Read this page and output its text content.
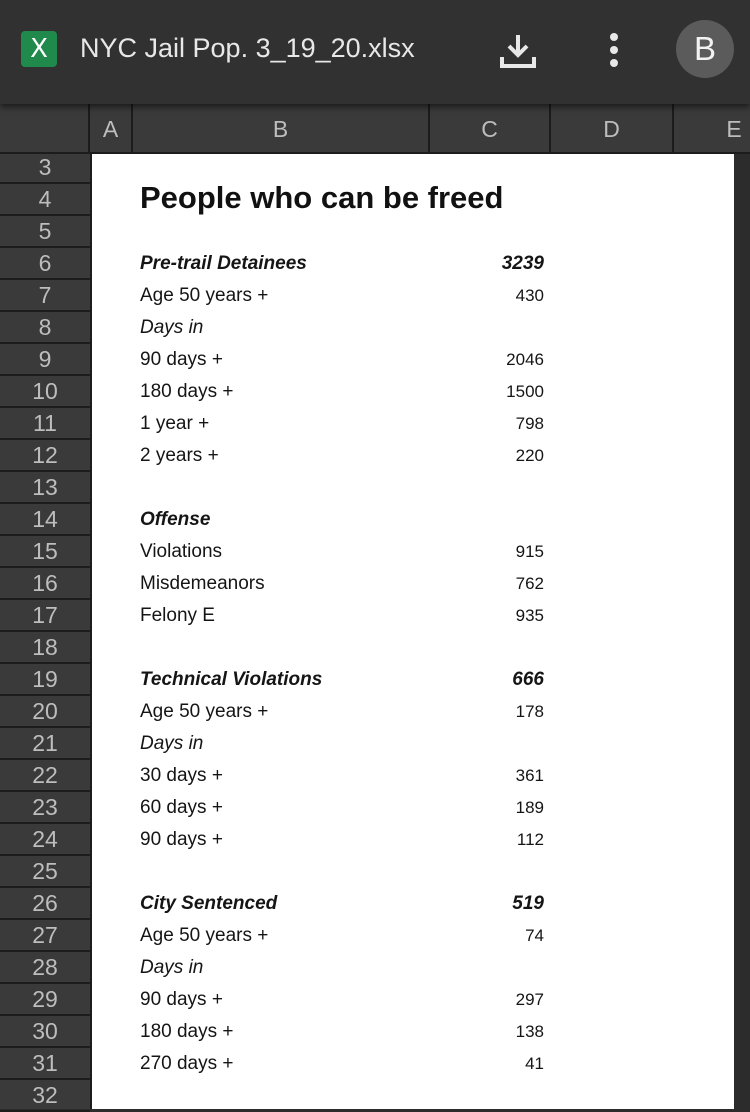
X	NYC Jail Pop. 3_19_20.xlsx	B
A	B	C	D	E
3
4
5
6
7
8
9
10
11
12
13
14
15
16
17
18
19
20
21
22
23
24
25
26
27
28
29
30
31
32
People who can be freed
Pre-trail Detainees	3239
Age 50 years +	430
Days in
90 days +	2046
180 days +	1500
1 year +	798
2 years +	220
Offense
Violations	915
Misdemeanors	762
Felony E	935
Technical Violations	666
Age 50 years +	178
Days in
30 days +	361
60 days +	189
90 days +	112
City Sentenced	519
Age 50 years +	74
Days in
90 days +	297
180 days +	138
270 days +	41
